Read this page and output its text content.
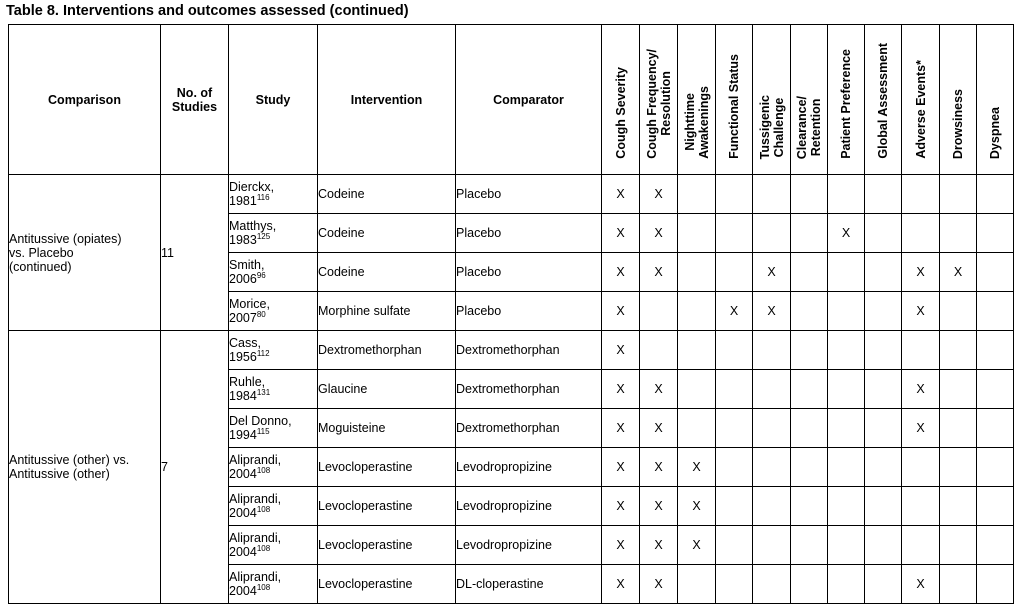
Table 8. Interventions and outcomes assessed (continued)
Comparison	No. of
Studies	Study	Intervention	Comparator	Cough Severity	Cough Frequency/
Resolution	Nighttime
Awakenings	Functional Status	Tussigenic
Challenge	Clearance/
Retention	Patient Preference	Global Assessment	Adverse Events*	Drowsiness	Dyspnea
Antitussive (opiates)
vs. Placebo
(continued)	11	Dierckx,
1981$^{116}$	Codeine	Placebo	X	X									
		Matthys,
1983$^{125}$	Codeine	Placebo	X	X					X				
		Smith,
2006$^{96}$	Codeine	Placebo	X	X			X				X	X	
		Morice,
2007$^{80}$	Morphine sulfate	Placebo	X			X	X				X		
Antitussive (other) vs.
Antitussive (other)	7	Cass,
1956$^{112}$	Dextromethorphan	Dextromethorphan	X										
		Ruhle,
1984$^{131}$	Glaucine	Dextromethorphan	X	X							X		
		Del Donno,
1994$^{115}$	Moguisteine	Dextromethorphan	X	X							X		
		Aliprandi,
2004$^{108}$	Levocloperastine	Levodropropizine	X	X	X								
		Aliprandi,
2004$^{108}$	Levocloperastine	Levodropropizine	X	X	X								
		Aliprandi,
2004$^{108}$	Levocloperastine	Levodropropizine	X	X	X								
		Aliprandi,
2004$^{108}$	Levocloperastine	DL-cloperastine	X	X							X		
